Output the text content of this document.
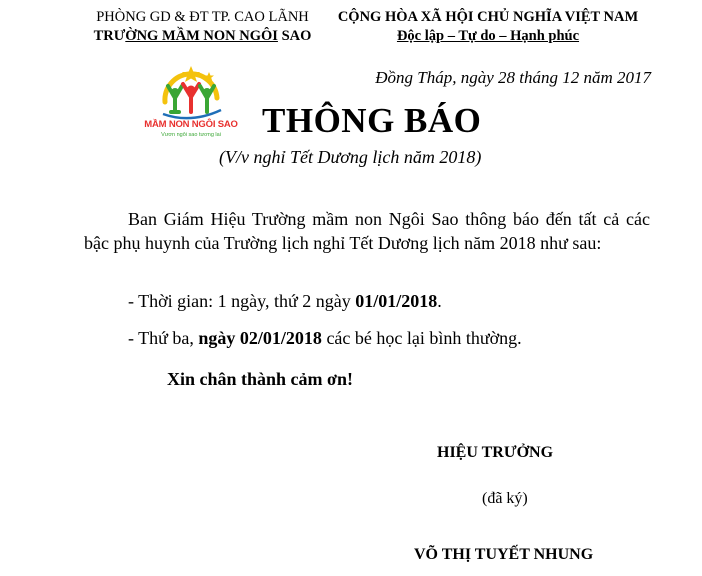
PHÒNG GD & ĐT TP. CAO LÃNH
TRƯỜNG MẦM NON NGÔI SAO
CỘNG HÒA XÃ HỘI CHỦ NGHĨA VIỆT NAM
Độc lập – Tự do – Hạnh phúc
Đồng Tháp, ngày 28 tháng 12 năm 2017
MẦM NON NGÔI SAO
Vươn ngôi sao tương lai	THÔNG BÁO
(V/v nghỉ Tết Dương lịch năm 2018)
Ban Giám Hiệu Trường mầm non Ngôi Sao thông báo đến tất cả các bậc phụ huynh của Trường lịch nghỉ Tết Dương lịch năm 2018 như sau:
- Thời gian: 1 ngày, thứ 2 ngày 01/01/2018.
- Thứ ba, ngày 02/01/2018 các bé học lại bình thường.
Xin chân thành cảm ơn!
HIỆU TRƯỞNG
(đã ký)
VÕ THỊ TUYẾT NHUNG
